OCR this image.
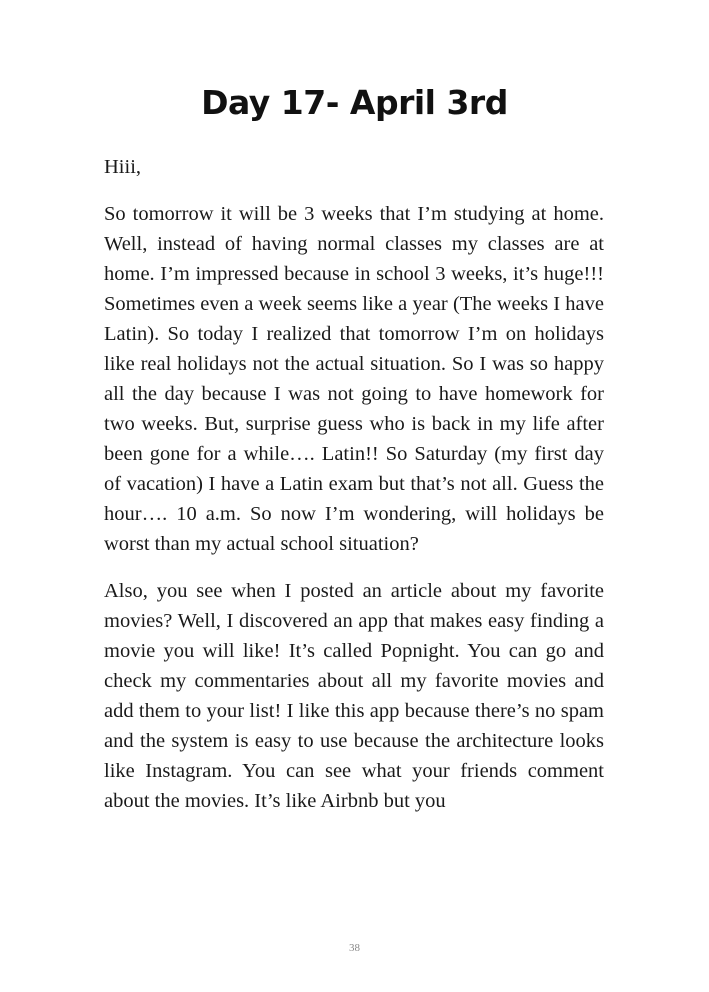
Day 17- April 3rd

Hiii,

So tomorrow it will be 3 weeks that I’m studying at home. Well, instead of having normal classes my classes are at home. I’m impressed because in school 3 weeks, it’s huge!!! Sometimes even a week seems like a year (The weeks I have Latin). So today I realized that tomorrow I’m on holidays like real holidays not the actual situation. So I was so happy all the day because I was not going to have homework for two weeks. But, surprise guess who is back in my life after been gone for a while…. Latin!! So Saturday (my first day of vacation) I have a Latin exam but that’s not all. Guess the hour…. 10 a.m. So now I’m wondering, will holidays be worst than my actual school situation?

Also, you see when I posted an article about my favorite movies? Well, I discovered an app that makes easy finding a movie you will like! It’s called Popnight. You can go and check my commentaries about all my favorite movies and add them to your list! I like this app because there’s no spam and the system is easy to use because the architecture looks like Instagram. You can see what your friends comment about the movies. It’s like Airbnb but you

38
